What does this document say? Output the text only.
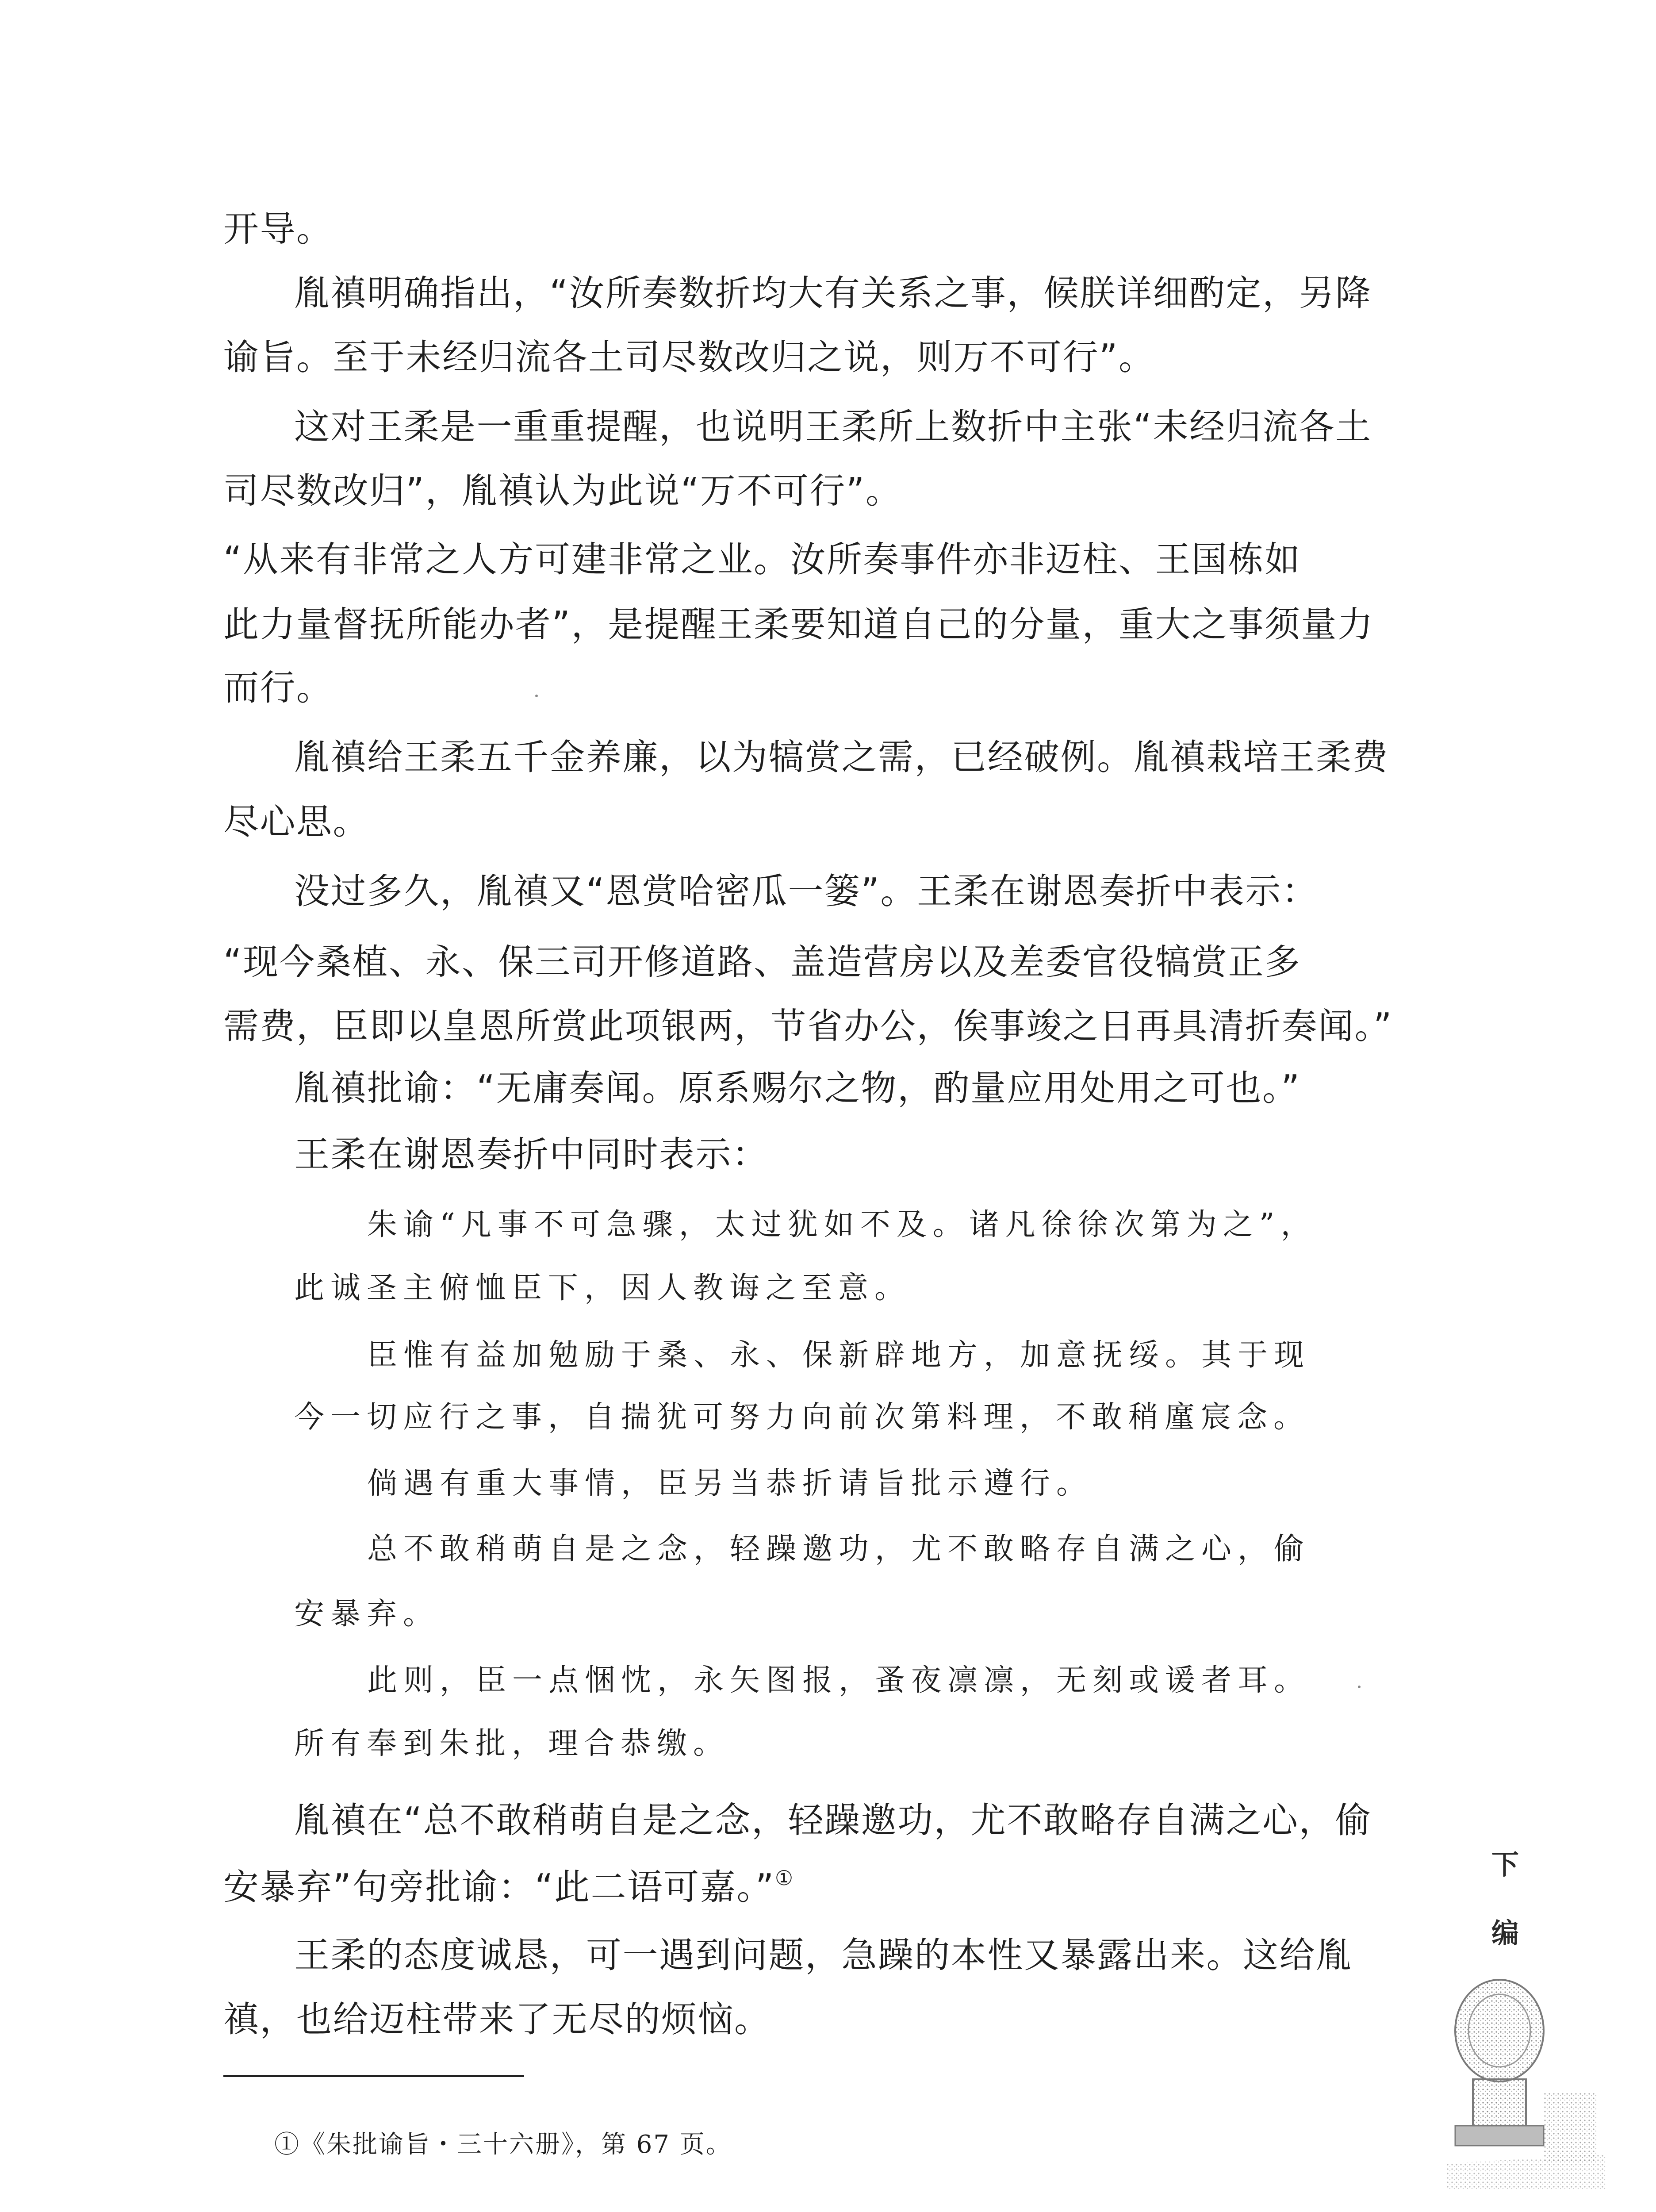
开导。
胤禛明确指出，“汝所奏数折均大有关系之事，候朕详细酌定，另降
谕旨。至于未经归流各土司尽数改归之说，则万不可行”。
这对王柔是一重重提醒，也说明王柔所上数折中主张“未经归流各土
司尽数改归”，胤禛认为此说“万不可行”。
“从来有非常之人方可建非常之业。汝所奏事件亦非迈柱、王国栋如
此力量督抚所能办者”，是提醒王柔要知道自己的分量，重大之事须量力
而行。
胤禛给王柔五千金养廉，以为犒赏之需，已经破例。胤禛栽培王柔费
尽心思。
没过多久，胤禛又“恩赏哈密瓜一篓”。王柔在谢恩奏折中表示：
“现今桑植、永、保三司开修道路、盖造营房以及差委官役犒赏正多
需费，臣即以皇恩所赏此项银两，节省办公，俟事竣之日再具清折奏闻。”
胤禛批谕：“无庸奏闻。原系赐尔之物，酌量应用处用之可也。”
王柔在谢恩奏折中同时表示：
朱谕“凡事不可急骤，太过犹如不及。诸凡徐徐次第为之”，
此诚圣主俯恤臣下，因人教诲之至意。
臣惟有益加勉励于桑、永、保新辟地方，加意抚绥。其于现
今一切应行之事，自揣犹可努力向前次第料理，不敢稍廑宸念。
倘遇有重大事情，臣另当恭折请旨批示遵行。
总不敢稍萌自是之念，轻躁邀功，尤不敢略存自满之心，偷
安暴弃。
此则，臣一点悃忱，永矢图报，蚤夜凛凛，无刻或谖者耳。
所有奉到朱批，理合恭缴。
胤禛在“总不敢稍萌自是之念，轻躁邀功，尤不敢略存自满之心，偷
安暴弃”句旁批谕：“此二语可嘉。”①
王柔的态度诚恳，可一遇到问题，急躁的本性又暴露出来。这给胤
禛，也给迈柱带来了无尽的烦恼。
①《朱批谕旨・三十六册》，第 67 页。
下
编
